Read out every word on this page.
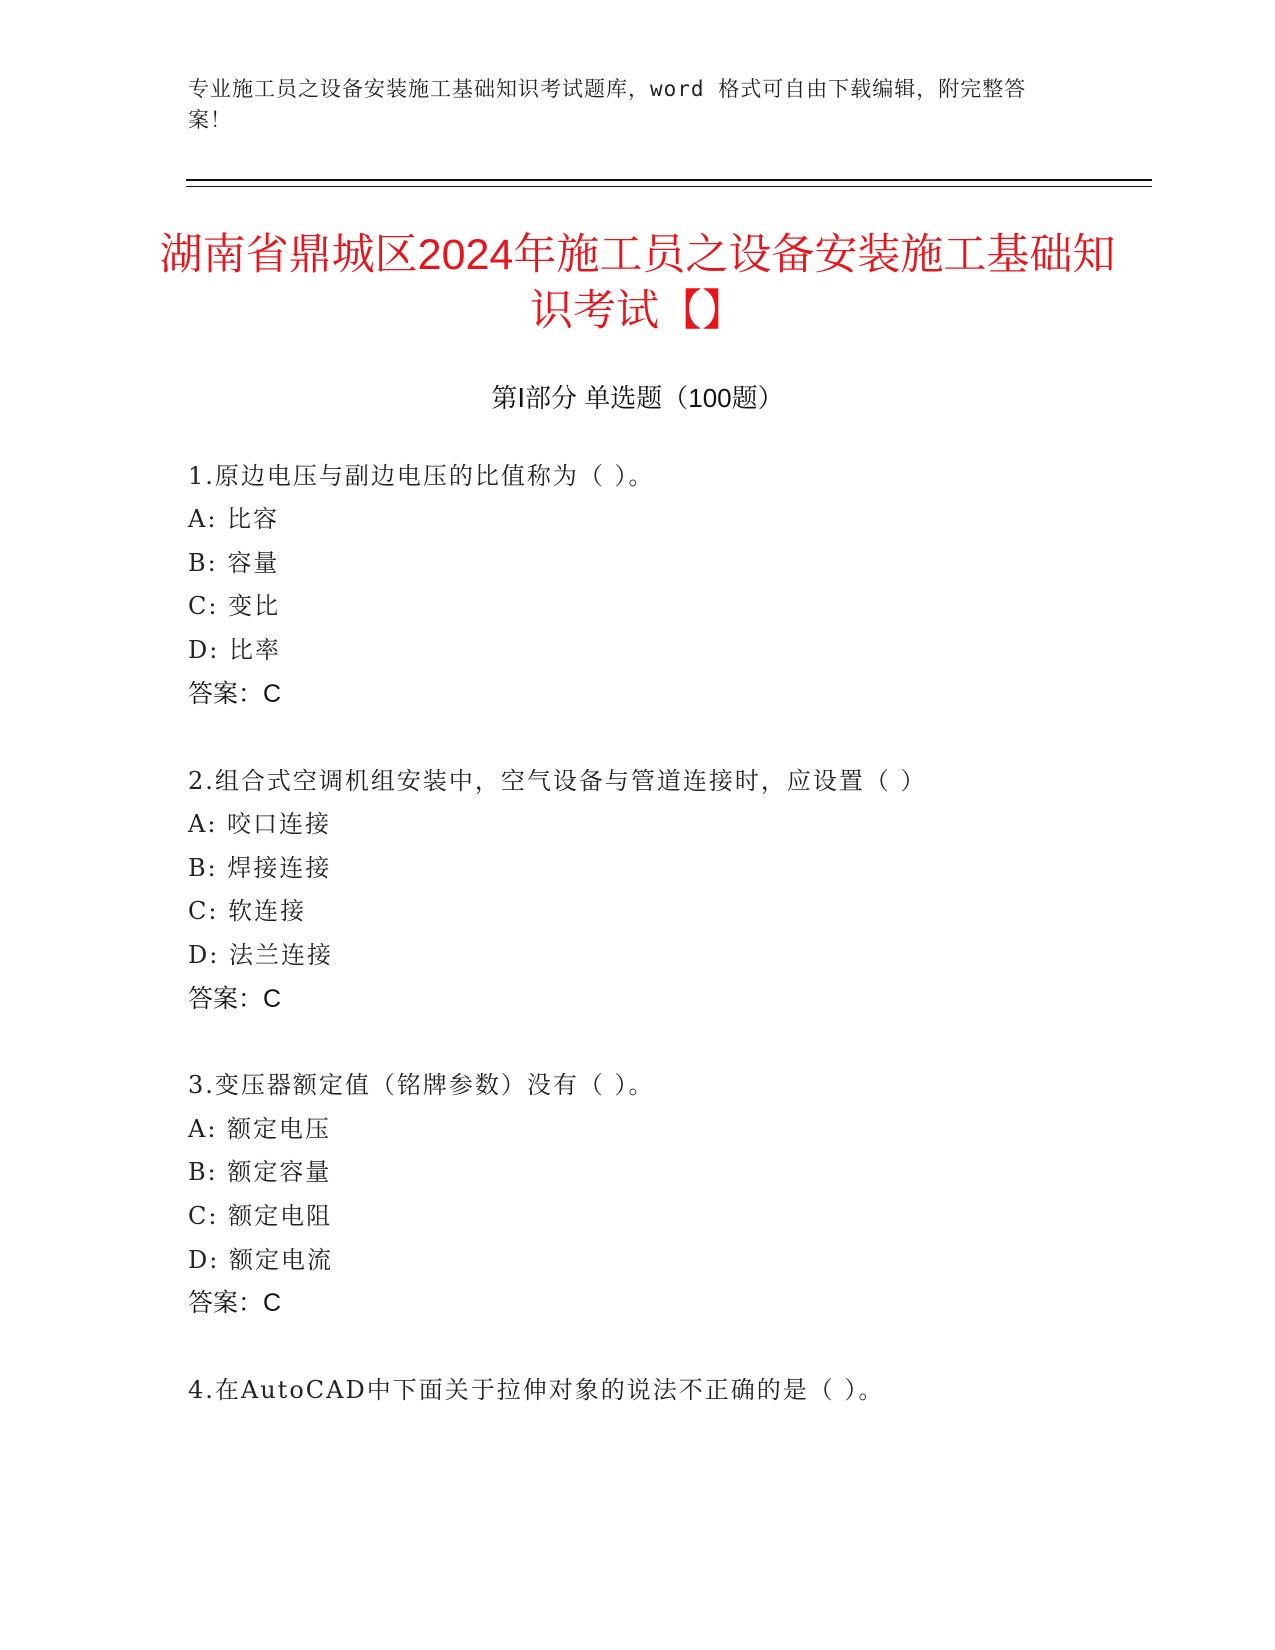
专业施工员之设备安装施工基础知识考试题库，word 格式可自由下载编辑，附完整答案！
湖南省鼎城区2024年施工员之设备安装施工基础知识考试【】
第Ⅰ部分 单选题（100题）
1.原边电压与副边电压的比值称为（ ）。
A: 比容
B: 容量
C: 变比
D: 比率
答案：C
2.组合式空调机组安装中，空气设备与管道连接时，应设置（ ）
A: 咬口连接
B: 焊接连接
C: 软连接
D: 法兰连接
答案：C
3.变压器额定值（铭牌参数）没有（ ）。
A: 额定电压
B: 额定容量
C: 额定电阻
D: 额定电流
答案：C
4.在AutoCAD中下面关于拉伸对象的说法不正确的是（ ）。
